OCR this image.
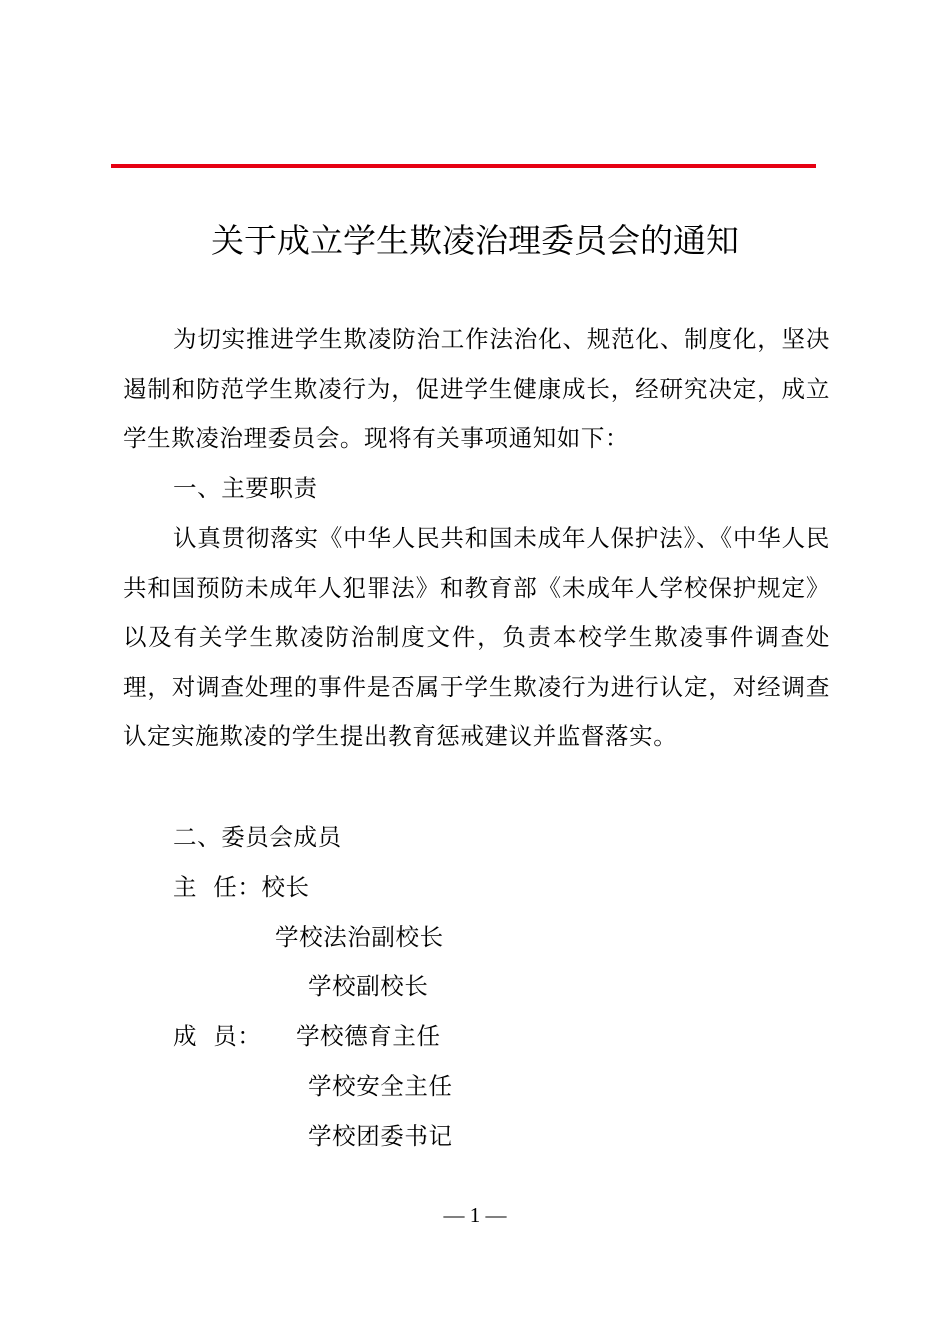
关于成立学生欺凌治理委员会的通知
为切实推进学生欺凌防治工作法治化、规范化、制度化，坚决遏制和防范学生欺凌行为，促进学生健康成长，经研究决定，成立学生欺凌治理委员会。现将有关事项通知如下：
一、主要职责
认真贯彻落实《中华人民共和国未成年人保护法》、《中华人民共和国预防未成年人犯罪法》和教育部《未成年人学校保护规定》以及有关学生欺凌防治制度文件，负责本校学生欺凌事件调查处理，对调查处理的事件是否属于学生欺凌行为进行认定，对经调查认定实施欺凌的学生提出教育惩戒建议并监督落实。
二、委员会成员
主  任：校长
学校法治副校长
学校副校长
成  员： 学校德育主任
学校安全主任
学校团委书记
— 1 —
